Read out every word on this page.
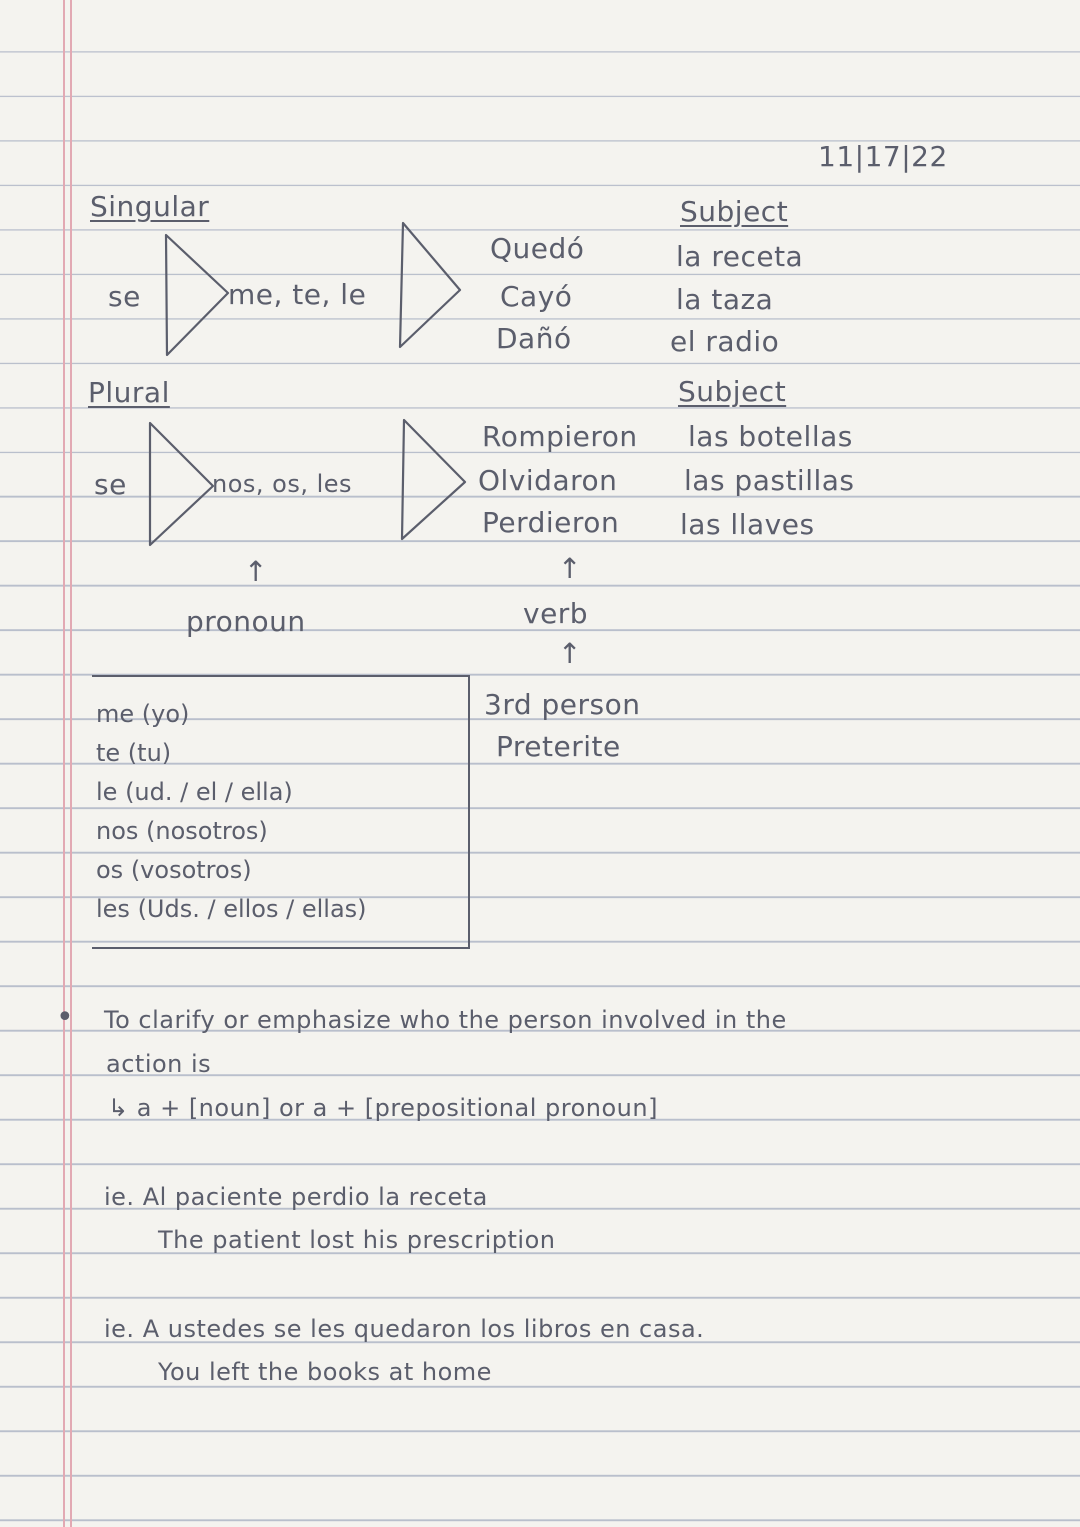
11|17|22
Singular
se	me, te, le
Quedó
Cayó
Dañó
Subject
la receta
la taza
el radio
Plural
se	nos, os, les
Rompieron
Olvidaron
Perdieron
Subject
las botellas
las pastillas
las llaves
↑
pronoun
↑
verb
↑
3rd person
Preterite
me (yo)
te (tu)
le (ud. / el / ella)
nos (nosotros)
os (vosotros)
les (Uds. / ellos / ellas)
• To clarify or emphasize who the person involved in the
action is
↳ a + [noun] or a + [prepositional pronoun]
ie. Al paciente perdio la receta
The patient lost his prescription
ie. A ustedes se les quedaron los libros en casa.
You left the books at home
